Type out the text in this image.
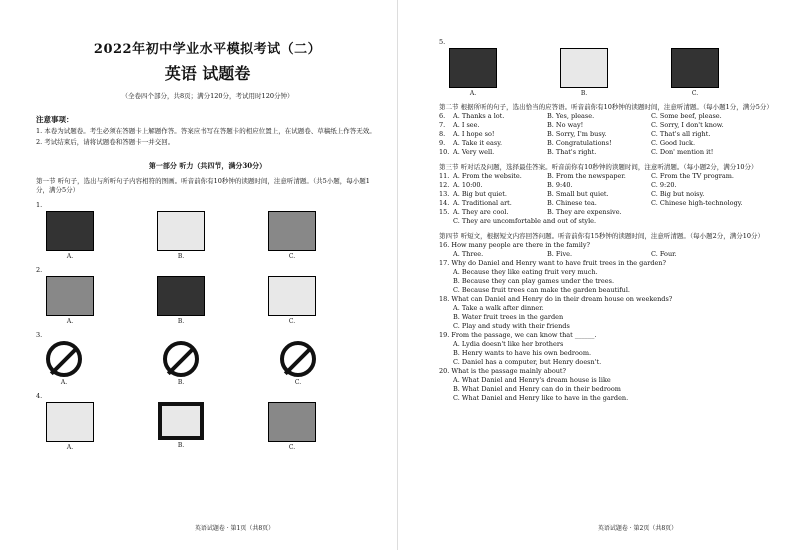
2022年初中学业水平模拟考试（二）
英语 试题卷
（全卷四个部分，共8页；满分120分，考试用时120分钟）
注意事项：
1. 本卷为试题卷。考生必须在答题卡上解题作答。答案应书写在答题卡的相应位置上，在试题卷、草稿纸上作答无效。
2. 考试结束后，请将试题卷和答题卡一并交回。
第一部分 听力（共四节，满分30分）
第一节 听句子，选出与所听句子内容相符的图画。听音前你有10秒钟的读题时间，注意听清题。（共5小题，每小题1分，满分5分）
1.
A.	B.	C.
2.
A.	B.	C.
3.
A.	B.	C.
4.
A.	B.	C.
英语试题卷 · 第1页（共8页）
5.
A.	B.	C.
第二节 根据所听的句子，选出恰当的应答语。听音前你有10秒钟的读题时间，注意听清题。（每小题1分，满分5分）
6.	A. Thanks a lot.	B. Yes, please.	C. Some beef, please.
7.	A. I see.	B. No way!	C. Sorry, I don't know.
8.	A. I hope so!	B. Sorry, I'm busy.	C. That's all right.
9.	A. Take it easy.	B. Congratulations!	C. Good luck.
10. A. Very well.	B. That's right.	C. Don' mention it!
第三节 听对话及问题，选择最佳答案。听音前你有10秒钟的读题时间，注意听清题。（每小题2分，满分10分）
11. A. From the website.	B. From the newspaper.	C. From the TV program.
12. A. 10:00.	B. 9:40.	C. 9:20.
13. A. Big but quiet.	B. Small but quiet.	C. Big but noisy.
14. A. Traditional art.	B. Chinese tea.	C. Chinese high-technology.
15. A. They are cool.	B. They are expensive.
C. They are uncomfortable and out of style.
第四节 听短文，根据短文内容回答问题。听音前你有15秒钟的读题时间，注意听清题。（每小题2分，满分10分）
16. How many people are there in the family?
A. Three.	B. Five.	C. Four.
17. Why do Daniel and Henry want to have fruit trees in the garden?
A. Because they like eating fruit very much.
B. Because they can play games under the trees.
C. Because fruit trees can make the garden beautiful.
18. What can Daniel and Henry do in their dream house on weekends?
A. Take a walk after dinner.
B. Water fruit trees in the garden
C. Play and study with their friends
19. From the passage, we can know that ______.
A. Lydia doesn't like her brothers
B. Henry wants to have his own bedroom.
C. Daniel has a computer, but Henry doesn't.
20. What is the passage mainly about?
A. What Daniel and Henry's dream house is like
B. What Daniel and Henry can do in their bedroom
C. What Daniel and Henry like to have in the garden.
英语试题卷 · 第2页（共8页）
